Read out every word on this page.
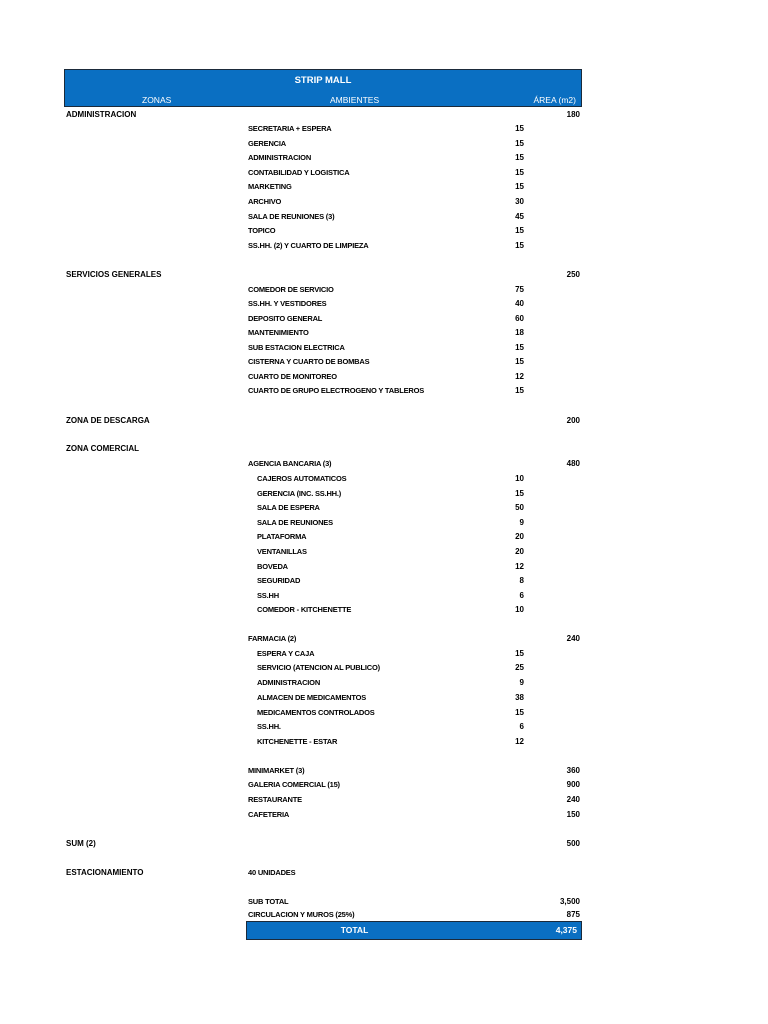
STRIP MALL
ZONAS	AMBIENTES	ÁREA (m2)
ADMINISTRACION	180
SECRETARIA + ESPERA	15
GERENCIA	15
ADMINISTRACION	15
CONTABILIDAD Y LOGISTICA	15
MARKETING	15
ARCHIVO	30
SALA DE REUNIONES (3)	45
TOPICO	15
SS.HH. (2) Y CUARTO DE LIMPIEZA	15
SERVICIOS GENERALES	250
COMEDOR DE SERVICIO	75
SS.HH. Y VESTIDORES	40
DEPOSITO GENERAL	60
MANTENIMIENTO	18
SUB ESTACION ELECTRICA	15
CISTERNA Y CUARTO DE BOMBAS	15
CUARTO DE MONITOREO	12
CUARTO DE GRUPO ELECTROGENO Y TABLEROS	15
ZONA DE DESCARGA	200
ZONA COMERCIAL
AGENCIA BANCARIA (3)	480
CAJEROS AUTOMATICOS	10
GERENCIA (INC. SS.HH.)	15
SALA DE ESPERA	50
SALA DE REUNIONES	9
PLATAFORMA	20
VENTANILLAS	20
BOVEDA	12
SEGURIDAD	8
SS.HH	6
COMEDOR - KITCHENETTE	10
FARMACIA (2)	240
ESPERA Y CAJA	15
SERVICIO (ATENCION AL PUBLICO)	25
ADMINISTRACION	9
ALMACEN DE MEDICAMENTOS	38
MEDICAMENTOS CONTROLADOS	15
SS.HH.	6
KITCHENETTE - ESTAR	12
MINIMARKET (3)	360
GALERIA COMERCIAL (15)	900
RESTAURANTE	240
CAFETERIA	150
SUM (2)	500
ESTACIONAMIENTO	40 UNIDADES
SUB TOTAL	3,500
CIRCULACION Y MUROS (25%)	875
TOTAL	4,375
